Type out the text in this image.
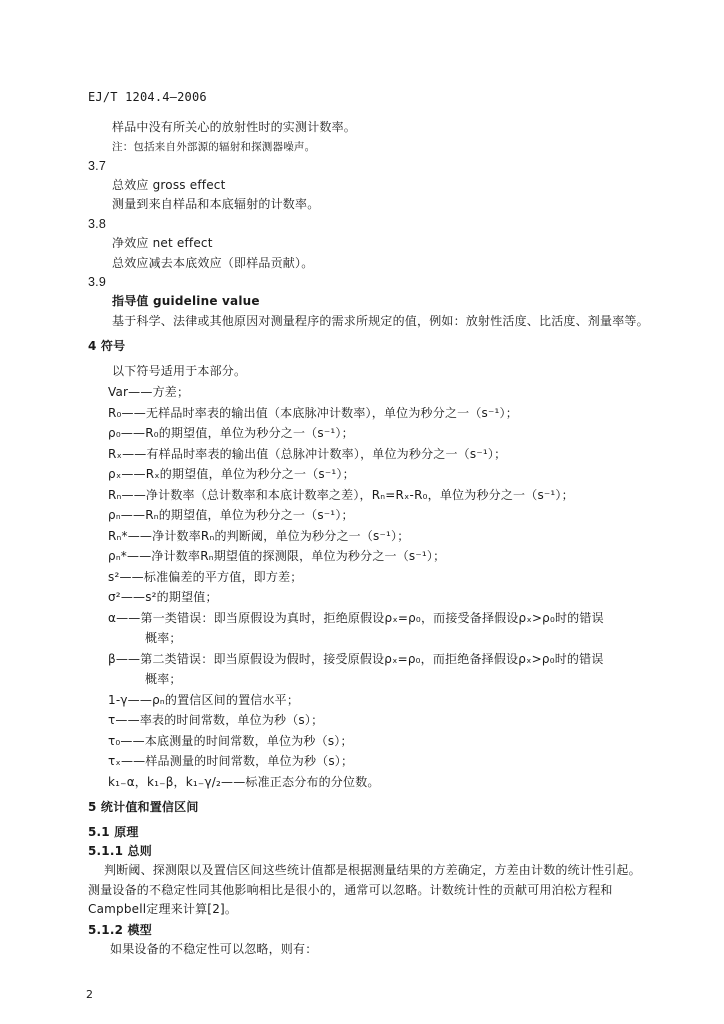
EJ/T 1204.4—2006
样品中没有所关心的放射性时的实测计数率。
注：包括来自外部源的辐射和探测器噪声。
3.7
总效应 gross effect
测量到来自样品和本底辐射的计数率。
3.8
净效应 net effect
总效应减去本底效应（即样品贡献）。
3.9
指导值 guideline value
基于科学、法律或其他原因对测量程序的需求所规定的值，例如：放射性活度、比活度、剂量率等。
4 符号
以下符号适用于本部分。
Var——方差；
R₀——无样品时率表的输出值（本底脉冲计数率），单位为秒分之一（s⁻¹）；
ρ₀——R₀的期望值，单位为秒分之一（s⁻¹）；
Rₓ——有样品时率表的输出值（总脉冲计数率），单位为秒分之一（s⁻¹）；
ρₓ——Rₓ的期望值，单位为秒分之一（s⁻¹）；
Rₙ——净计数率（总计数率和本底计数率之差），Rₙ=Rₓ-R₀，单位为秒分之一（s⁻¹）；
ρₙ——Rₙ的期望值，单位为秒分之一（s⁻¹）；
Rₙ*——净计数率Rₙ的判断阈，单位为秒分之一（s⁻¹）；
ρₙ*——净计数率Rₙ期望值的探测限，单位为秒分之一（s⁻¹）；
s²——标准偏差的平方值，即方差；
σ²——s²的期望值；
α——第一类错误：即当原假设为真时，拒绝原假设ρₓ=ρ₀，而接受备择假设ρₓ>ρ₀时的错误
概率；
β——第二类错误：即当原假设为假时，接受原假设ρₓ=ρ₀，而拒绝备择假设ρₓ>ρ₀时的错误
概率；
1-γ——ρₙ的置信区间的置信水平；
τ——率表的时间常数，单位为秒（s）；
τ₀——本底测量的时间常数，单位为秒（s）；
τₓ——样品测量的时间常数，单位为秒（s）；
k₁₋α，k₁₋β，k₁₋γ/₂——标准正态分布的分位数。
5 统计值和置信区间
5.1 原理
5.1.1 总则
判断阈、探测限以及置信区间这些统计值都是根据测量结果的方差确定，方差由计数的统计性引起。
测量设备的不稳定性同其他影响相比是很小的，通常可以忽略。计数统计性的贡献可用泊松方程和
Campbell定理来计算[2]。
5.1.2 模型
如果设备的不稳定性可以忽略，则有：
2
